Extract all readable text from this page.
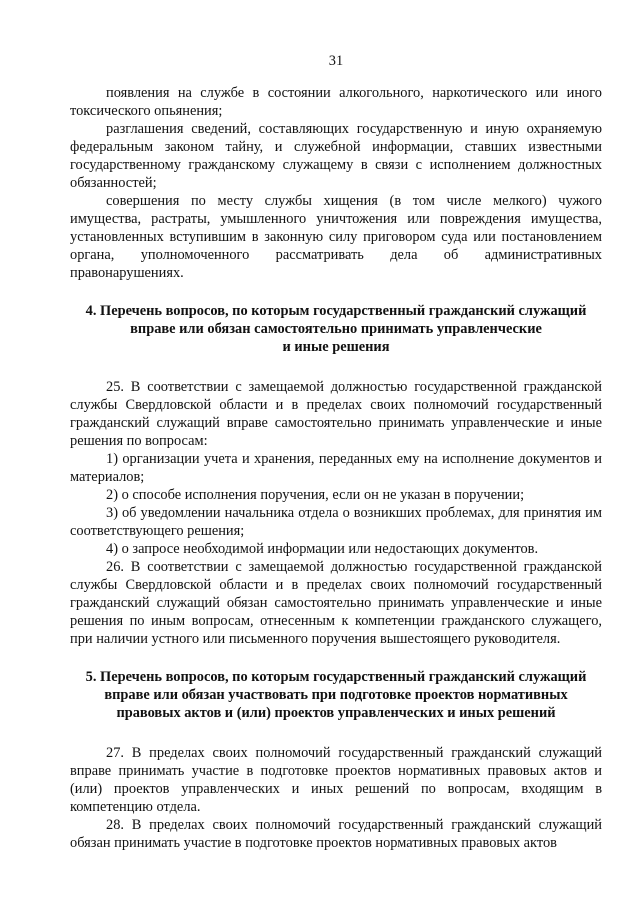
31

появления на службе в состоянии алкогольного, наркотического или иного токсического опьянения;

разглашения сведений, составляющих государственную и иную охраняемую федеральным законом тайну, и служебной информации, ставших известными государственному гражданскому служащему в связи с исполнением должностных обязанностей;

совершения по месту службы хищения (в том числе мелкого) чужого имущества, растраты, умышленного уничтожения или повреждения имущества, установленных вступившим в законную силу приговором суда или постановлением органа, уполномоченного рассматривать дела об административных правонарушениях.

4. Перечень вопросов, по которым государственный гражданский служащий
вправе или обязан самостоятельно принимать управленческие
и иные решения

25. В соответствии с замещаемой должностью государственной гражданской службы Свердловской области и в пределах своих полномочий государственный гражданский служащий вправе самостоятельно принимать управленческие и иные решения по вопросам:

1) организации учета и хранения, переданных ему на исполнение документов и материалов;

2) о способе исполнения поручения, если он не указан в поручении;

3) об уведомлении начальника отдела о возникших проблемах, для принятия им соответствующего решения;

4) о запросе необходимой информации или недостающих документов.

26. В соответствии с замещаемой должностью государственной гражданской службы Свердловской области и в пределах своих полномочий государственный гражданский служащий обязан самостоятельно принимать управленческие и иные решения по иным вопросам, отнесенным к компетенции гражданского служащего, при наличии устного или письменного поручения вышестоящего руководителя.

5. Перечень вопросов, по которым государственный гражданский служащий
вправе или обязан участвовать при подготовке проектов нормативных
правовых актов и (или) проектов управленческих и иных решений

27. В пределах своих полномочий государственный гражданский служащий вправе принимать участие в подготовке проектов нормативных правовых актов и (или) проектов управленческих и иных решений по вопросам, входящим в компетенцию отдела.

28. В пределах своих полномочий государственный гражданский служащий обязан принимать участие в подготовке проектов нормативных правовых актов
